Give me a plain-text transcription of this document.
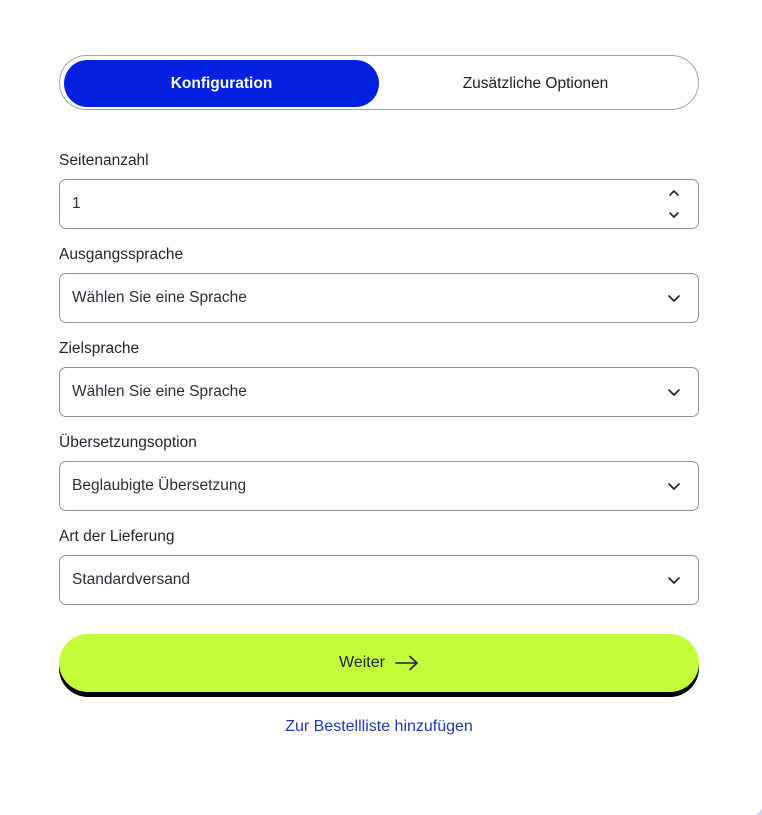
Konfiguration	Zusätzliche Optionen
Seitenanzahl
1
Ausgangssprache
Wählen Sie eine Sprache
Zielsprache
Wählen Sie eine Sprache
Übersetzungsoption
Beglaubigte Übersetzung
Art der Lieferung
Standardversand
Weiter
Zur Bestellliste hinzufügen
